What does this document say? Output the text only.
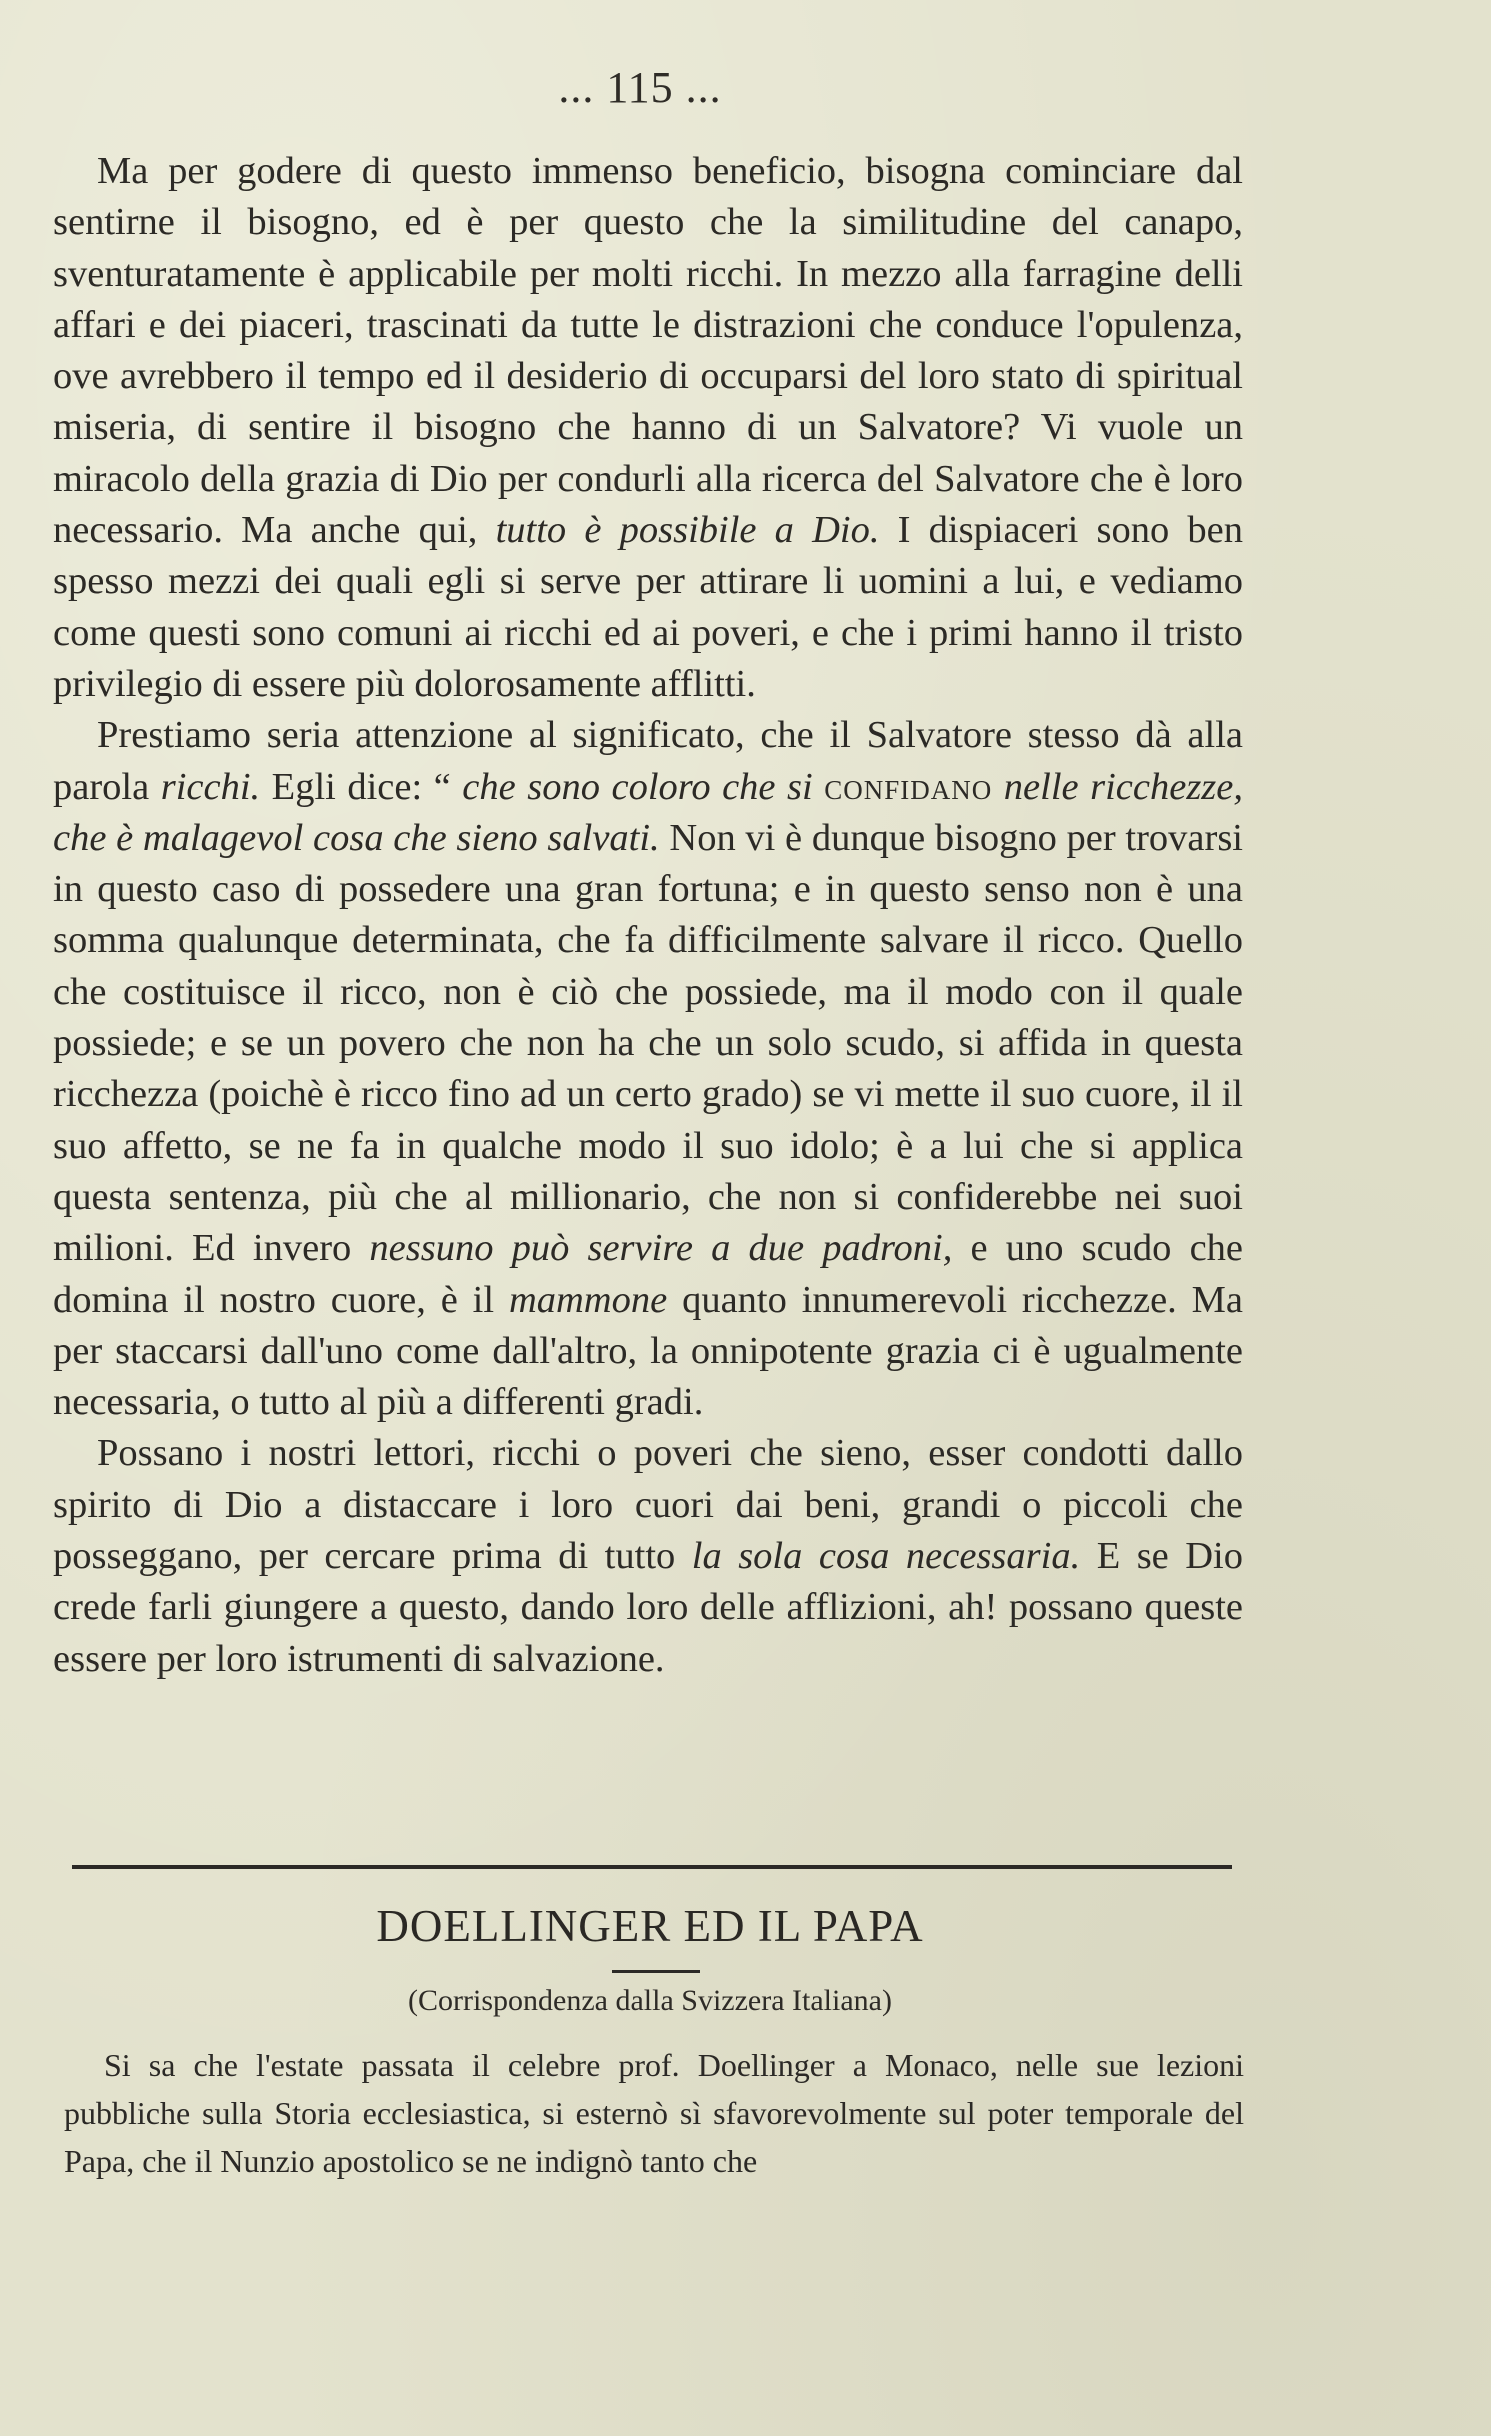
... 115 ...

Ma per godere di questo immenso beneficio, bisogna cominciare dal sentirne il bisogno, ed è per questo che la similitudine del canapo, sventuratamente è applicabile per molti ricchi. In mezzo alla farragine delli affari e dei piaceri, trascinati da tutte le distrazioni che conduce l'opulenza, ove avrebbero il tempo ed il desiderio di occuparsi del loro stato di spiritual miseria, di sentire il bisogno che hanno di un Salvatore? Vi vuole un miracolo della grazia di Dio per condurli alla ricerca del Salvatore che è loro necessario. Ma anche qui, tutto è possibile a Dio. I dispiaceri sono ben spesso mezzi dei quali egli si serve per attirare li uomini a lui, e vediamo come questi sono comuni ai ricchi ed ai poveri, e che i primi hanno il tristo privilegio di essere più dolorosamente afflitti.

Prestiamo seria attenzione al significato, che il Salvatore stesso dà alla parola ricchi. Egli dice: “ che sono coloro che si confidano nelle ricchezze, che è malagevol cosa che sieno salvati. Non vi è dunque bisogno per trovarsi in questo caso di possedere una gran fortuna; e in questo senso non è una somma qualunque determinata, che fa difficilmente salvare il ricco. Quello che costituisce il ricco, non è ciò che possiede, ma il modo con il quale possiede; e se un povero che non ha che un solo scudo, si affida in questa ricchezza (poichè è ricco fino ad un certo grado) se vi mette il suo cuore, il il suo affetto, se ne fa in qualche modo il suo idolo; è a lui che si applica questa sentenza, più che al millionario, che non si confiderebbe nei suoi milioni. Ed invero nessuno può servire a due padroni, e uno scudo che domina il nostro cuore, è il mammone quanto innumerevoli ricchezze. Ma per staccarsi dall'uno come dall'altro, la onnipotente grazia ci è ugualmente necessaria, o tutto al più a differenti gradi.

Possano i nostri lettori, ricchi o poveri che sieno, esser condotti dallo spirito di Dio a distaccare i loro cuori dai beni, grandi o piccoli che posseggano, per cercare prima di tutto la sola cosa necessaria. E se Dio crede farli giungere a questo, dando loro delle afflizioni, ah! possano queste essere per loro istrumenti di salvazione.

DOELLINGER ED IL PAPA
(Corrispondenza dalla Svizzera Italiana)

Si sa che l'estate passata il celebre prof. Doellinger a Monaco, nelle sue lezioni pubbliche sulla Storia ecclesiastica, si esternò sì sfavorevolmente sul poter temporale del Papa, che il Nunzio apostolico se ne indignò tanto che
